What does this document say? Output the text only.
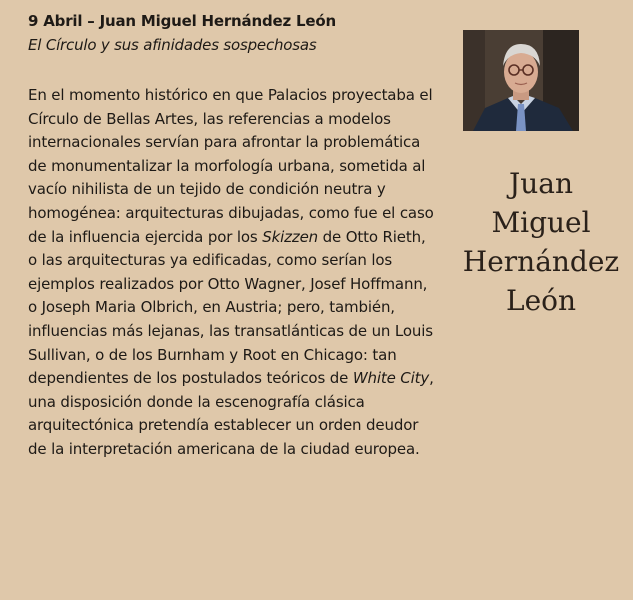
9 Abril – Juan Miguel Hernández León
El Círculo y sus afinidades sospechosas

En el momento histórico en que Palacios proyectaba el Círculo de Bellas Artes, las referencias a modelos internacionales servían para afrontar la problemática de monumentalizar la morfología urbana, sometida al vacío nihilista de un tejido de condición neutra y homogénea: arquitecturas dibujadas, como fue el caso de la influencia ejercida por los Skizzen de Otto Rieth, o las arquitecturas ya edificadas, como serían los ejemplos realizados por Otto Wagner, Josef Hoffmann, o Joseph Maria Olbrich, en Austria; pero, también, influencias más lejanas, las transatlánticas de un Louis Sullivan, o de los Burnham y Root en Chicago: tan dependientes de los postulados teóricos de White City, una disposición donde la escenografía clásica arquitectónica pretendía establecer un orden deudor de la interpretación americana de la ciudad europea.

Juan
Miguel
Hernández
León
